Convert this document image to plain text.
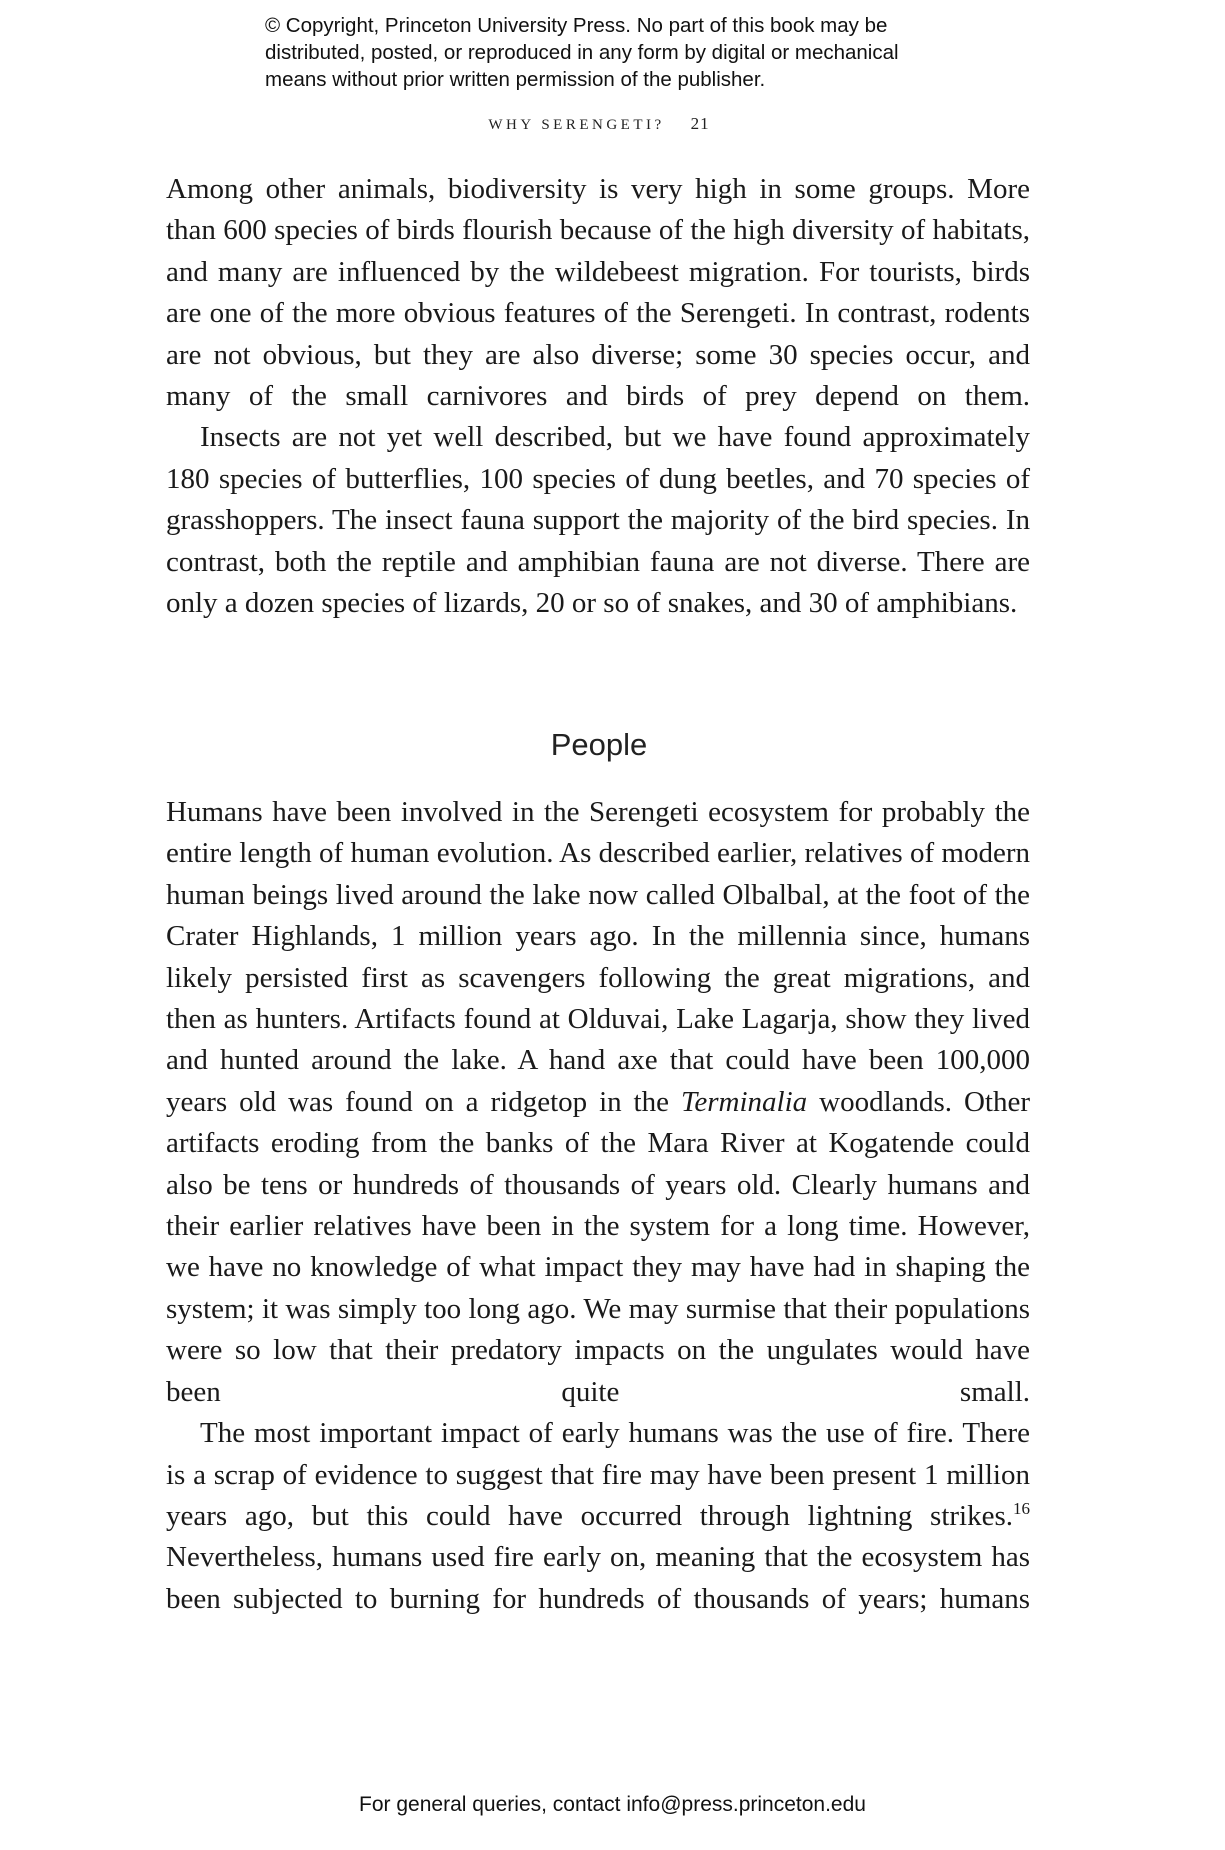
© Copyright, Princeton University Press. No part of this book may be
distributed, posted, or reproduced in any form by digital or mechanical
means without prior written permission of the publisher.
WHY SERENGETI? 21

Among other animals, biodiversity is very high in some groups. More than 600 species of birds flourish because of the high diversity of habitats, and many are influenced by the wildebeest migration. For tourists, birds are one of the more obvious features of the Serengeti. In contrast, rodents are not obvious, but they are also diverse; some 30 species occur, and many of the small carnivores and birds of prey depend on them.

Insects are not yet well described, but we have found approximately 180 species of butterflies, 100 species of dung beetles, and 70 species of grasshoppers. The insect fauna support the majority of the bird species. In contrast, both the reptile and amphibian fauna are not diverse. There are only a dozen species of lizards, 20 or so of snakes, and 30 of amphibians.

People

Humans have been involved in the Serengeti ecosystem for probably the entire length of human evolution. As described earlier, relatives of modern human beings lived around the lake now called Olbalbal, at the foot of the Crater Highlands, 1 million years ago. In the millennia since, humans likely persisted first as scavengers following the great migrations, and then as hunters. Artifacts found at Olduvai, Lake Lagarja, show they lived and hunted around the lake. A hand axe that could have been 100,000 years old was found on a ridgetop in the Terminalia woodlands. Other artifacts eroding from the banks of the Mara River at Kogatende could also be tens or hundreds of thousands of years old. Clearly humans and their earlier relatives have been in the system for a long time. However, we have no knowledge of what impact they may have had in shaping the system; it was simply too long ago. We may surmise that their populations were so low that their predatory impacts on the ungulates would have been quite small.

The most important impact of early humans was the use of fire. There is a scrap of evidence to suggest that fire may have been present 1 million years ago, but this could have occurred through lightning strikes.$^{16}$ Nevertheless, humans used fire early on, meaning that the ecosystem has been subjected to burning for hundreds of thousands of years; humans

For general queries, contact info@press.princeton.edu
